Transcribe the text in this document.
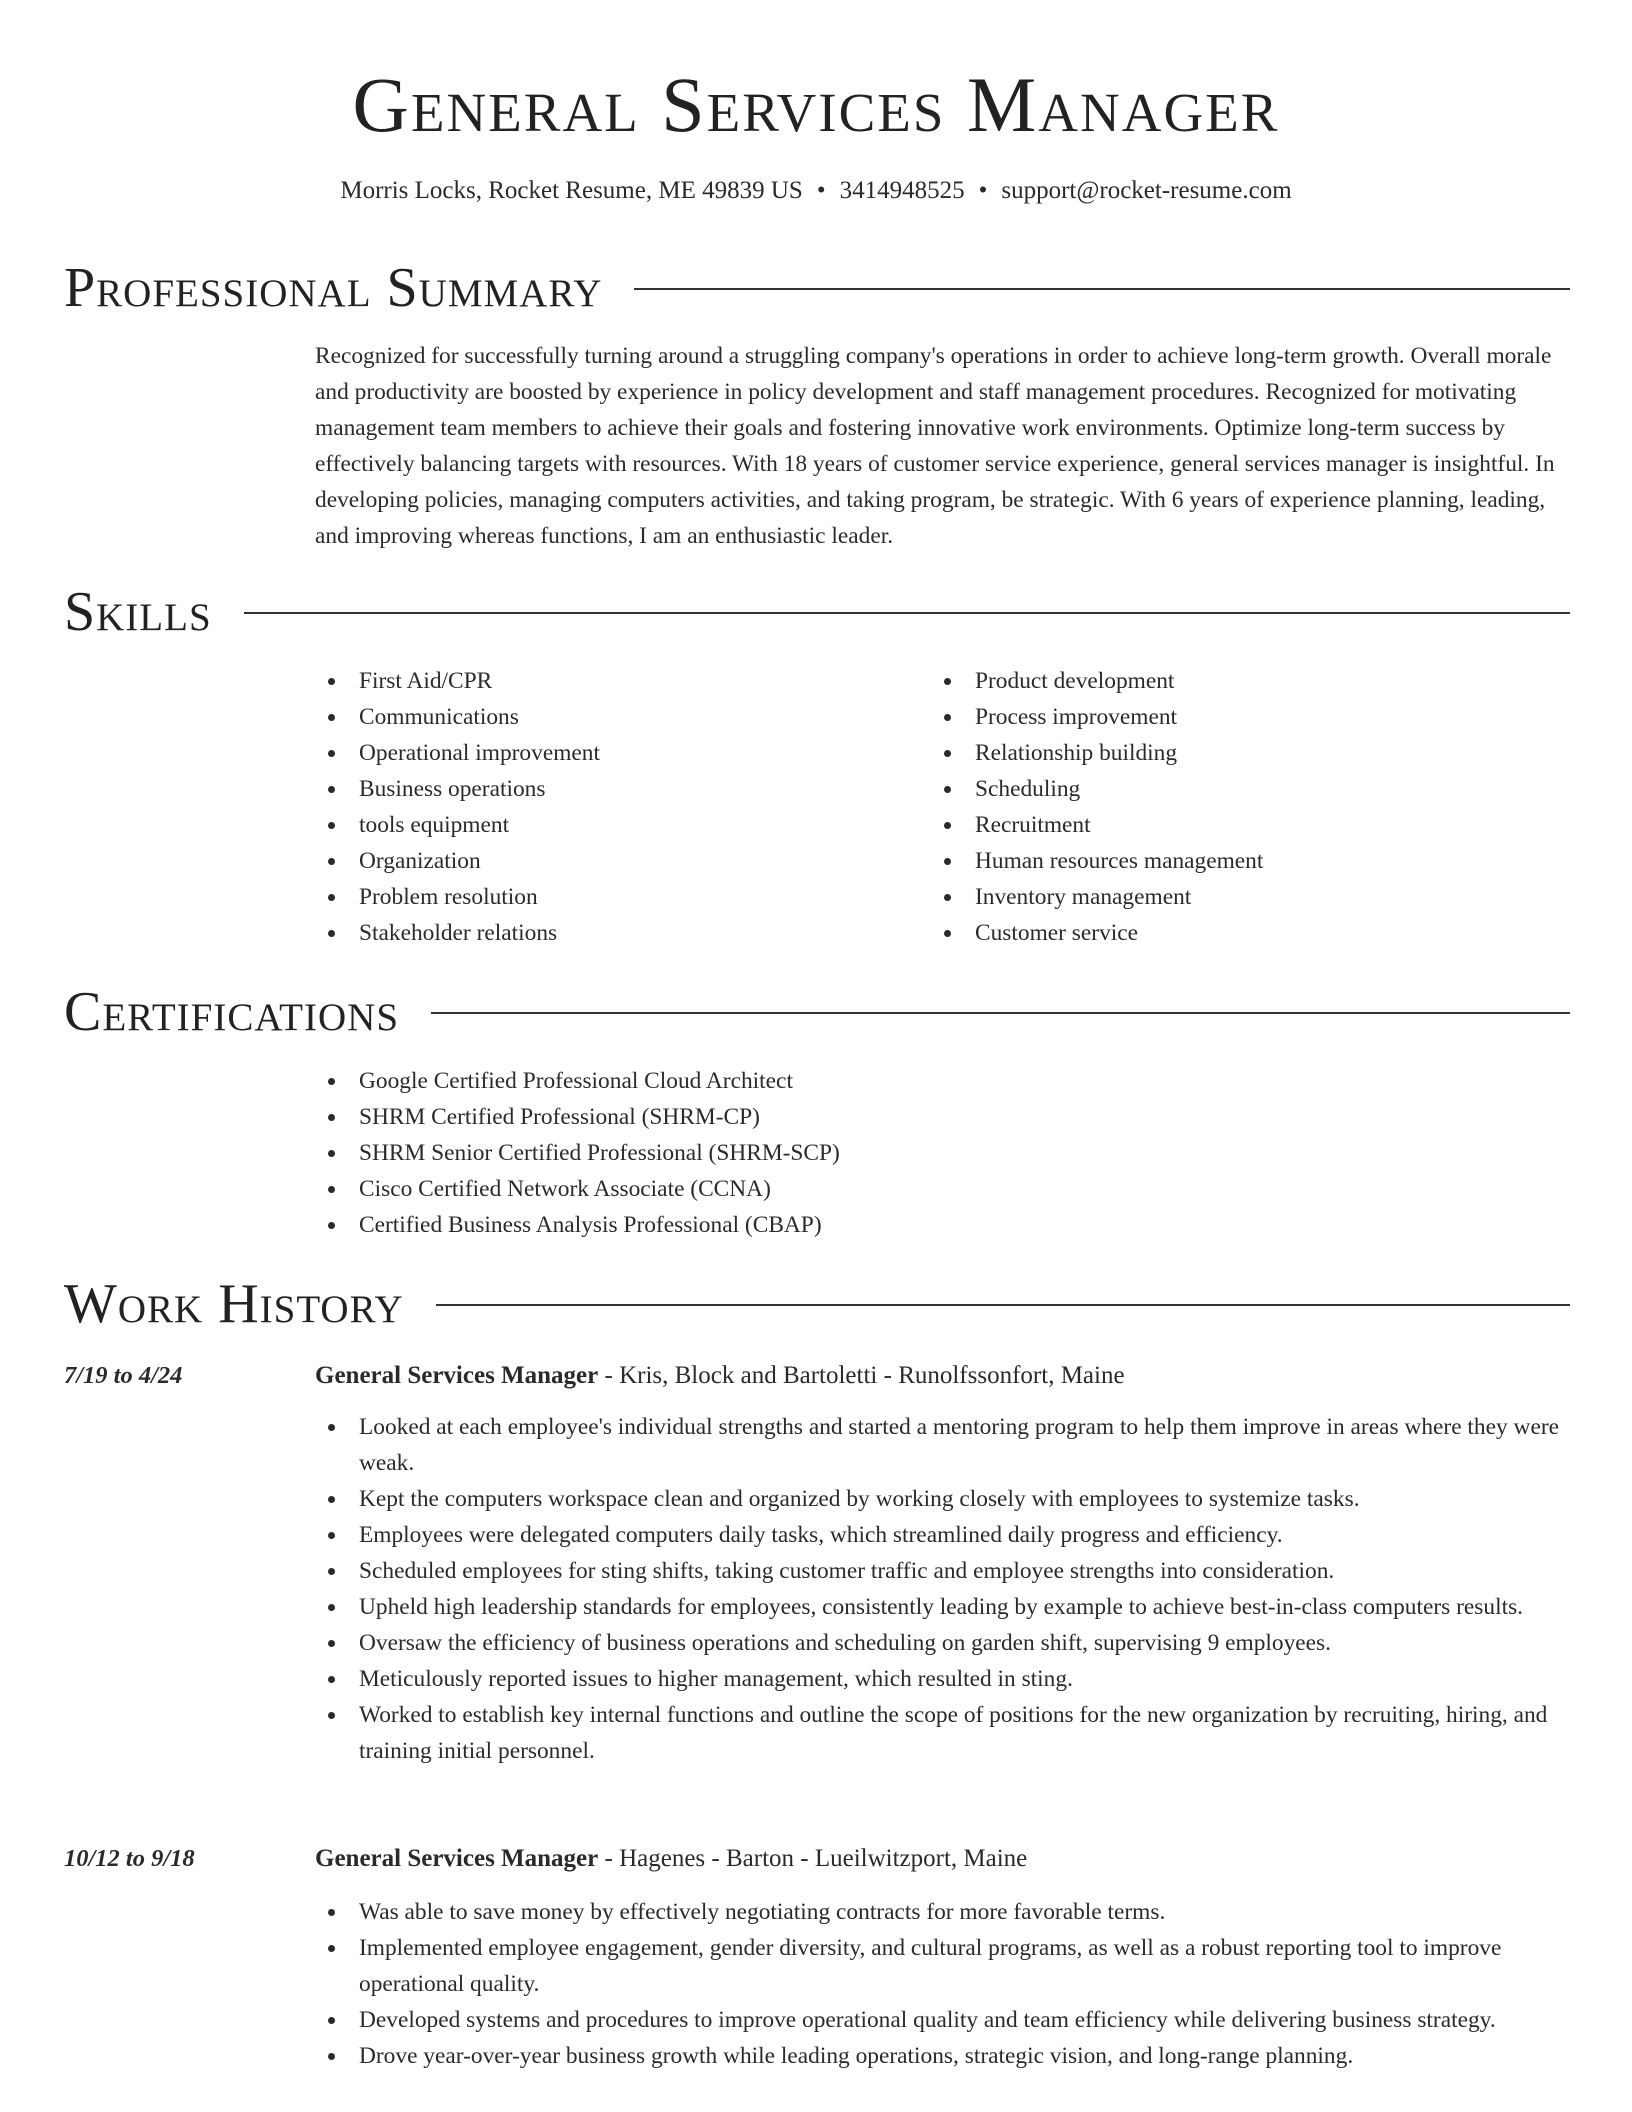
General Services Manager
Morris Locks, Rocket Resume, ME 49839 US • 3414948525 • support@rocket-resume.com
Professional Summary

Recognized for successfully turning around a struggling company's operations in order to achieve long-term growth. Overall morale and productivity are boosted by experience in policy development and staff management procedures. Recognized for motivating management team members to achieve their goals and fostering innovative work environments. Optimize long-term success by effectively balancing targets with resources. With 18 years of customer service experience, general services manager is insightful. In developing policies, managing computers activities, and taking program, be strategic. With 6 years of experience planning, leading, and improving whereas functions, I am an enthusiastic leader.

Skills
First Aid/CPR
Communications
Operational improvement
Business operations
tools equipment
Organization
Problem resolution
Stakeholder relations
Product development
Process improvement
Relationship building
Scheduling
Recruitment
Human resources management
Inventory management
Customer service
Certifications
Google Certified Professional Cloud Architect
SHRM Certified Professional (SHRM-CP)
SHRM Senior Certified Professional (SHRM-SCP)
Cisco Certified Network Associate (CCNA)
Certified Business Analysis Professional (CBAP)
Work History
7/19 to 4/24	General Services Manager - Kris, Block and Bartoletti - Runolfssonfort, Maine
Looked at each employee's individual strengths and started a mentoring program to help them improve in areas where they were weak.
Kept the computers workspace clean and organized by working closely with employees to systemize tasks.
Employees were delegated computers daily tasks, which streamlined daily progress and efficiency.
Scheduled employees for sting shifts, taking customer traffic and employee strengths into consideration.
Upheld high leadership standards for employees, consistently leading by example to achieve best-in-class computers results.
Oversaw the efficiency of business operations and scheduling on garden shift, supervising 9 employees.
Meticulously reported issues to higher management, which resulted in sting.
Worked to establish key internal functions and outline the scope of positions for the new organization by recruiting, hiring, and training initial personnel.
10/12 to 9/18	General Services Manager - Hagenes - Barton - Lueilwitzport, Maine
Was able to save money by effectively negotiating contracts for more favorable terms.
Implemented employee engagement, gender diversity, and cultural programs, as well as a robust reporting tool to improve operational quality.
Developed systems and procedures to improve operational quality and team efficiency while delivering business strategy.
Drove year-over-year business growth while leading operations, strategic vision, and long-range planning.
